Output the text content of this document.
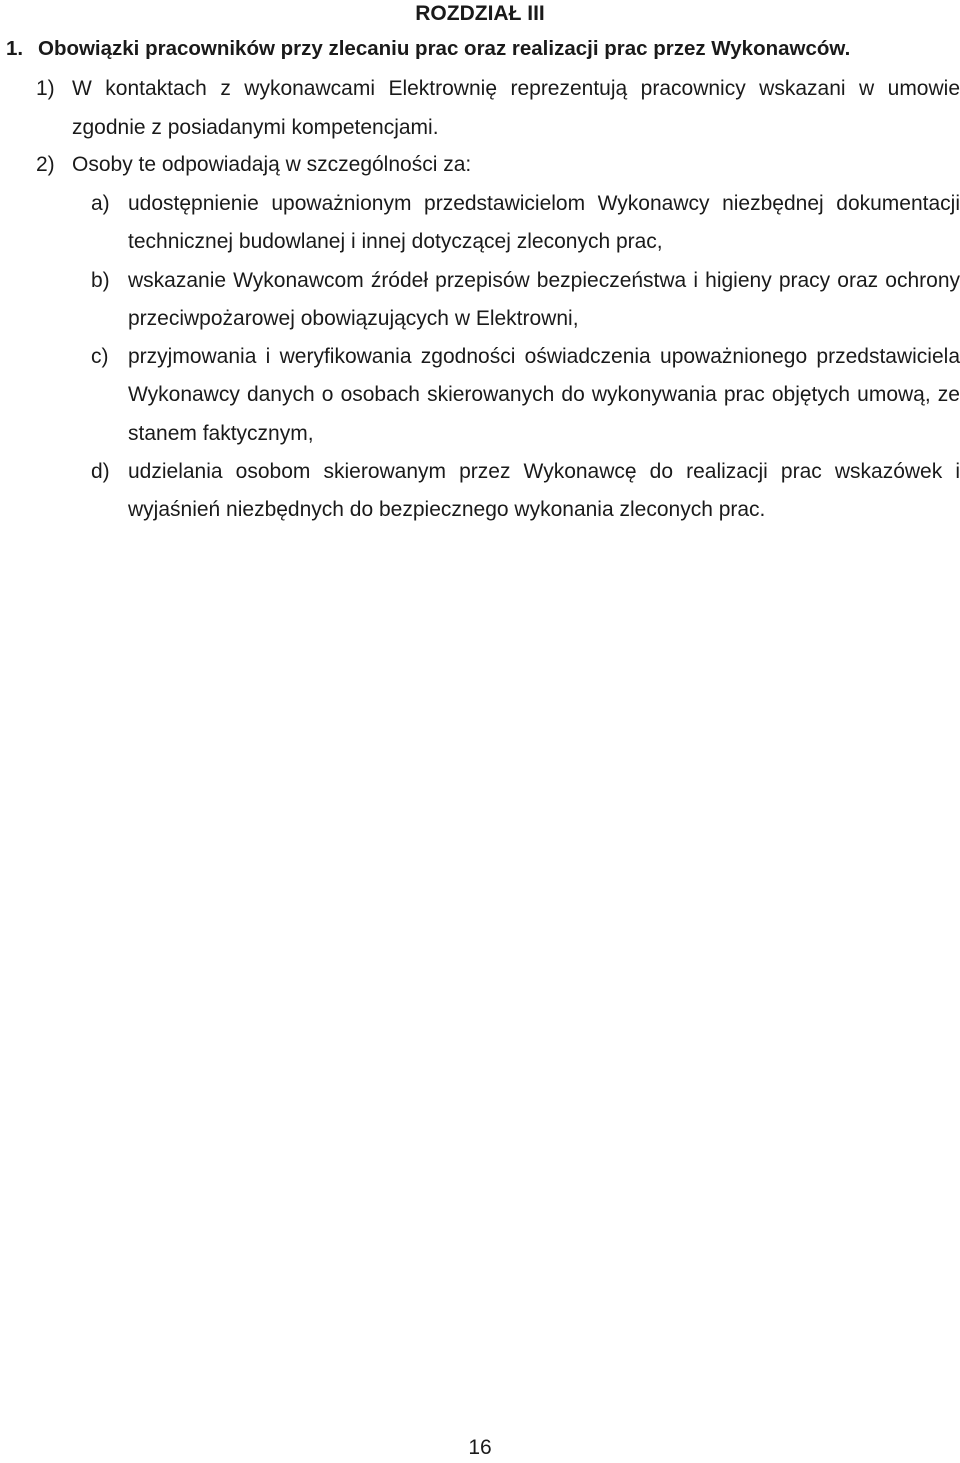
ROZDZIAŁ III
1. Obowiązki pracowników przy zlecaniu prac oraz realizacji prac przez Wykonawców.
1) W kontaktach z wykonawcami Elektrownię reprezentują pracownicy wskazani w umowie zgodnie z posiadanymi kompetencjami.
2) Osoby te odpowiadają w szczególności za:
a) udostępnienie upoważnionym przedstawicielom Wykonawcy niezbędnej dokumentacji technicznej budowlanej i innej dotyczącej zleconych prac,
b) wskazanie Wykonawcom źródeł przepisów bezpieczeństwa i higieny pracy oraz ochrony przeciwpożarowej obowiązujących w Elektrowni,
c) przyjmowania i weryfikowania zgodności oświadczenia upoważnionego przedstawiciela Wykonawcy danych o osobach skierowanych do wykonywania prac objętych umową, ze stanem faktycznym,
d) udzielania osobom skierowanym przez Wykonawcę do realizacji prac wskazówek i wyjaśnień niezbędnych do bezpiecznego wykonania zleconych prac.
16
